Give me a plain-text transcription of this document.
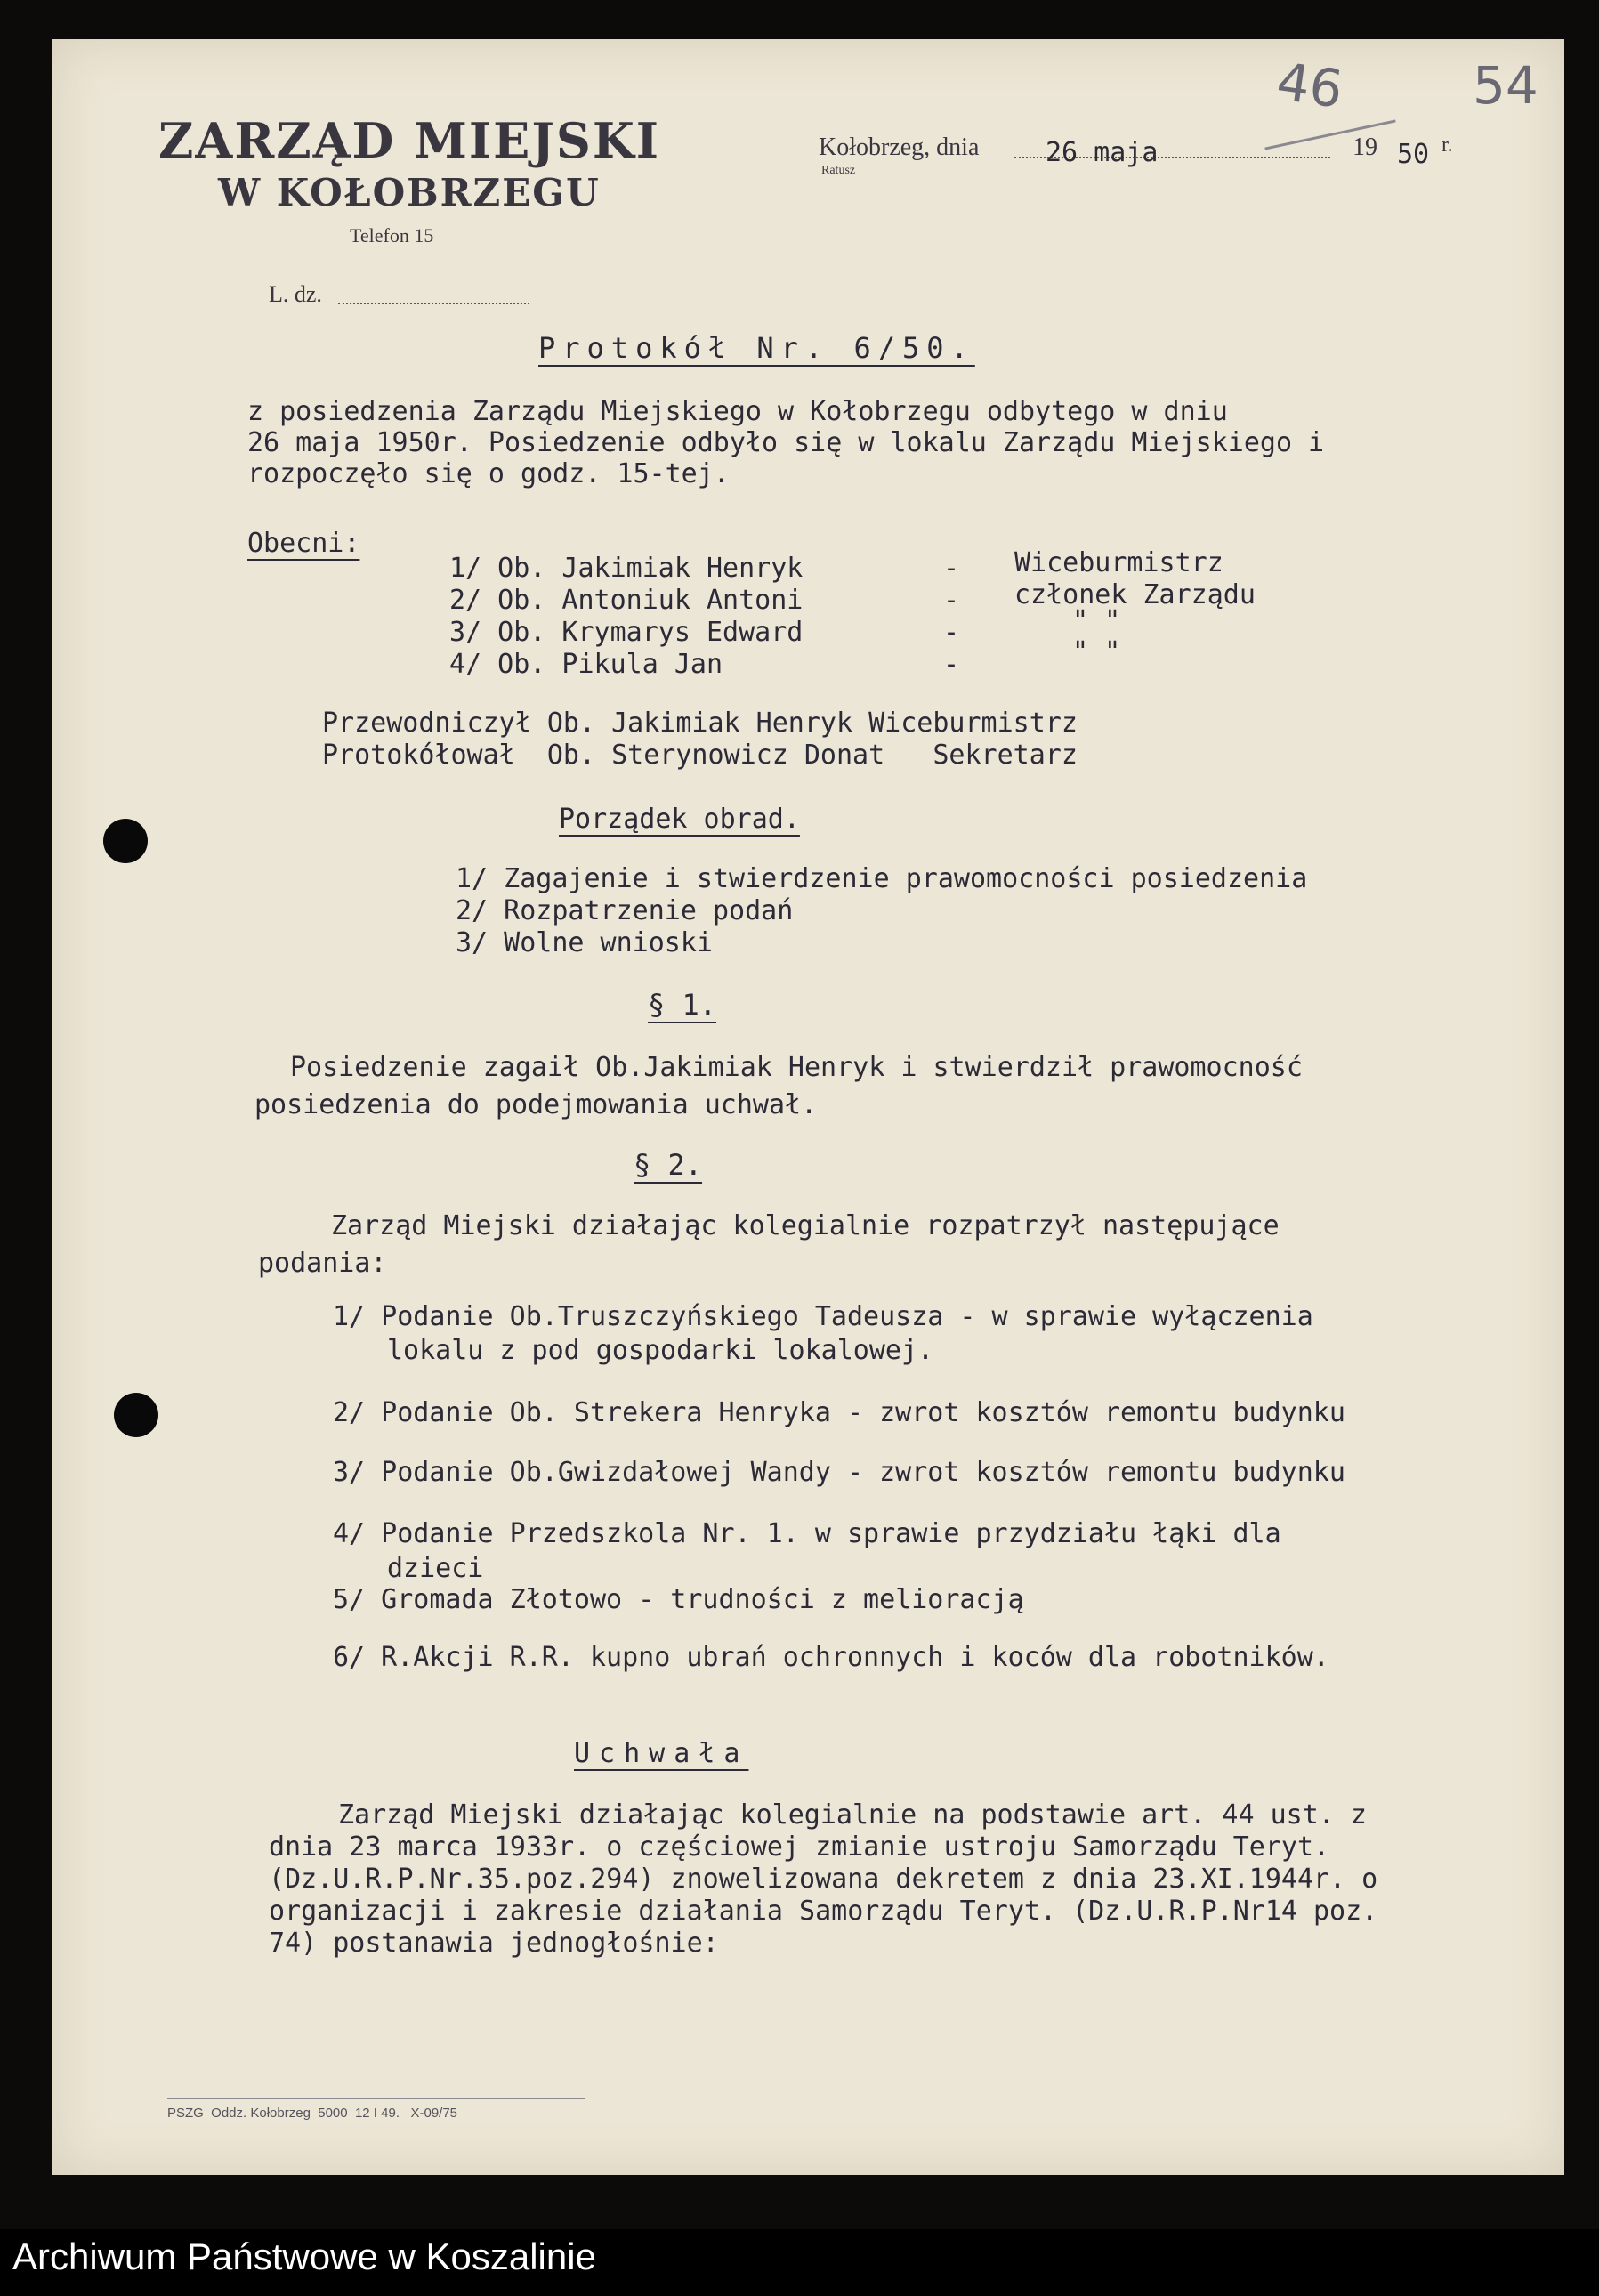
46 54
ZARZĄD MIEJSKI
W KOŁOBRZEGU
Telefon 15
L. dz.
Kołobrzeg, dnia
Ratusz
26 maja	19 50 r.
Protokół Nr. 6/50.
z posiedzenia Zarządu Miejskiego w Kołobrzegu odbytego w dniu
26 maja 1950r. Posiedzenie odbyło się w lokalu Zarządu Miejskiego i
rozpoczęło się o godz. 15-tej.
Obecni:
1/ Ob. Jakimiak Henryk	- Wiceburmistrz
2/ Ob. Antoniuk Antoni	- członek Zarządu
3/ Ob. Krymarys Edward	-	" "
4/ Ob. Pikula Jan	-	" "
Przewodniczył Ob. Jakimiak Henryk Wiceburmistrz
Protokółował  Ob. Sterynowicz Donat   Sekretarz
Porządek obrad.
1/ Zagajenie i stwierdzenie prawomocności posiedzenia
2/ Rozpatrzenie podań
3/ Wolne wnioski
§ 1.
Posiedzenie zagaił Ob.Jakimiak Henryk i stwierdził prawomocność
posiedzenia do podejmowania uchwał.
§ 2.
Zarząd Miejski działając kolegialnie rozpatrzył następujące
podania:
1/ Podanie Ob.Truszczyńskiego Tadeusza - w sprawie wyłączenia
lokalu z pod gospodarki lokalowej.
2/ Podanie Ob. Strekera Henryka - zwrot kosztów remontu budynku
3/ Podanie Ob.Gwizdałowej Wandy - zwrot kosztów remontu budynku
4/ Podanie Przedszkola Nr. 1. w sprawie przydziału łąki dla
dzieci
5/ Gromada Złotowo - trudności z melioracją
6/ R.Akcji R.R. kupno ubrań ochronnych i koców dla robotników.
Uchwała
Zarząd Miejski działając kolegialnie na podstawie art. 44 ust. z
dnia 23 marca 1933r. o częściowej zmianie ustroju Samorządu Teryt.
(Dz.U.R.P.Nr.35.poz.294) znowelizowana dekretem z dnia 23.XI.1944r. o
organizacji i zakresie działania Samorządu Teryt. (Dz.U.R.P.Nr14 poz.
74) postanawia jednogłośnie:
PSZG  Oddz. Kołobrzeg  5000  12 I 49.   X-09/75
Archiwum Państwowe w Koszalinie
